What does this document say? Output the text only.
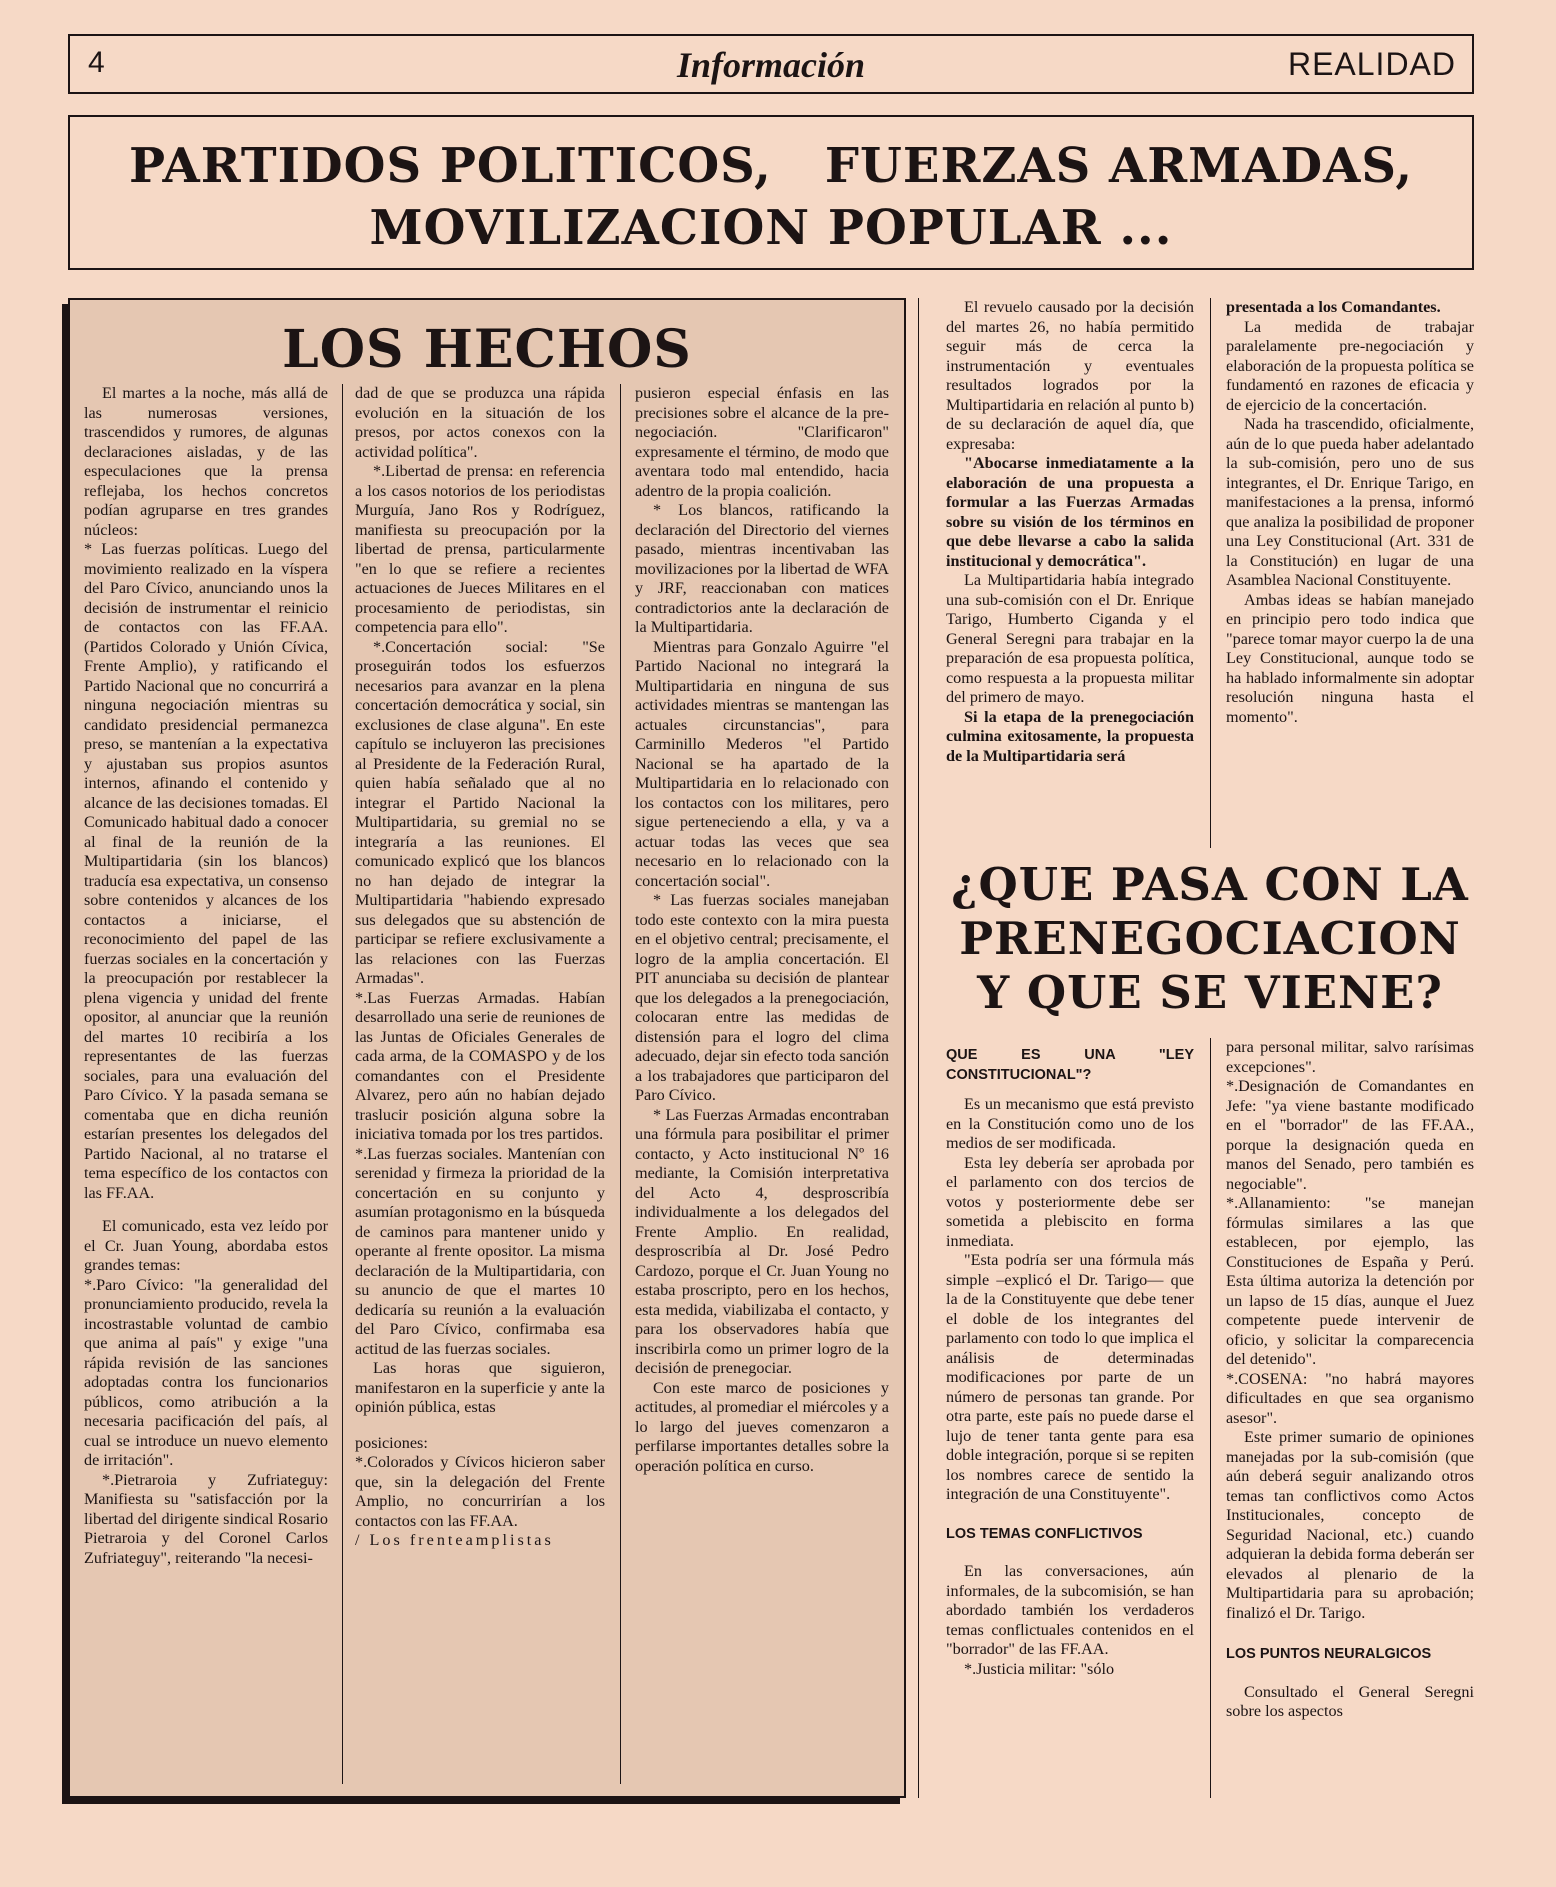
4	Información	REALIDAD
PARTIDOS POLITICOS,   FUERZAS ARMADAS,
MOVILIZACION POPULAR ...
LOS HECHOS

El martes a la noche, más allá de las numerosas versiones, trascendidos y rumores, de algunas declaraciones aisladas, y de las especulaciones que la prensa reflejaba, los hechos concretos podían agruparse en tres grandes núcleos:

* Las fuerzas políticas. Luego del movimiento realizado en la víspera del Paro Cívico, anunciando unos la decisión de instrumentar el reinicio de contactos con las FF.AA. (Partidos Colorado y Unión Cívica, Frente Amplio), y ratificando el Partido Nacional que no concurrirá a ninguna negociación mientras su candidato presidencial permanezca preso, se mantenían a la expectativa y ajustaban sus propios asuntos internos, afinando el contenido y alcance de las decisiones tomadas. El Comunicado habitual dado a conocer al final de la reunión de la Multipartidaria (sin los blancos) traducía esa expectativa, un consenso sobre contenidos y alcances de los contactos a iniciarse, el reconocimiento del papel de las fuerzas sociales en la concertación y la preocupación por restablecer la plena vigencia y unidad del frente opositor, al anunciar que la reunión del martes 10 recibiría a los representantes de las fuerzas sociales, para una evaluación del Paro Cívico. Y la pasada semana se comentaba que en dicha reunión estarían presentes los delegados del Partido Nacional, al no tratarse el tema específico de los contactos con las FF.AA.

El comunicado, esta vez leído por el Cr. Juan Young, abordaba estos grandes temas:

*.Paro Cívico: "la generalidad del pronunciamiento producido, revela la incostrastable voluntad de cambio que anima al país" y exige "una rápida revisión de las sanciones adoptadas contra los funcionarios públicos, como atribución a la necesaria pacificación del país, al cual se introduce un nuevo elemento de irritación".

*.Pietraroia y Zufriateguy: Manifiesta su "satisfacción por la libertad del dirigente sindical Rosario Pietraroia y del Coronel Carlos Zufriateguy", reiterando "la necesi-

dad de que se produzca una rápida evolución en la situación de los presos, por actos conexos con la actividad política".

*.Libertad de prensa: en referencia a los casos notorios de los periodistas Murguía, Jano Ros y Rodríguez, manifiesta su preocupación por la libertad de prensa, particularmente "en lo que se refiere a recientes actuaciones de Jueces Militares en el procesamiento de periodistas, sin competencia para ello".

*.Concertación social: "Se proseguirán todos los esfuerzos necesarios para avanzar en la plena concertación democrática y social, sin exclusiones de clase alguna". En este capítulo se incluyeron las precisiones al Presidente de la Federación Rural, quien había señalado que al no integrar el Partido Nacional la Multipartidaria, su gremial no se integraría a las reuniones. El comunicado explicó que los blancos no han dejado de integrar la Multipartidaria "habiendo expresado sus delegados que su abstención de participar se refiere exclusivamente a las relaciones con las Fuerzas Armadas".

*.Las Fuerzas Armadas. Habían desarrollado una serie de reuniones de las Juntas de Oficiales Generales de cada arma, de la COMASPO y de los comandantes con el Presidente Alvarez, pero aún no habían dejado traslucir posición alguna sobre la iniciativa tomada por los tres partidos.

*.Las fuerzas sociales. Mantenían con serenidad y firmeza la prioridad de la concertación en su conjunto y asumían protagonismo en la búsqueda de caminos para mantener unido y operante al frente opositor. La misma declaración de la Multipartidaria, con su anuncio de que el martes 10 dedicaría su reunión a la evaluación del Paro Cívico, confirmaba esa actitud de las fuerzas sociales.

Las horas que siguieron, manifestaron en la superficie y ante la opinión pública, estas

posiciones:

*.Colorados y Cívicos hicieron saber que, sin la delegación del Frente Amplio, no concurrirían a los contactos con las FF.AA.

/ Los frenteamplistas

pusieron especial énfasis en las precisiones sobre el alcance de la pre-negociación. "Clarificaron" expresamente el término, de modo que aventara todo mal entendido, hacia adentro de la propia coalición.

* Los blancos, ratificando la declaración del Directorio del viernes pasado, mientras incentivaban las movilizaciones por la libertad de WFA y JRF, reaccionaban con matices contradictorios ante la declaración de la Multipartidaria.

Mientras para Gonzalo Aguirre "el Partido Nacional no integrará la Multipartidaria en ninguna de sus actividades mientras se mantengan las actuales circunstancias", para Carminillo Mederos "el Partido Nacional se ha apartado de la Multipartidaria en lo relacionado con los contactos con los militares, pero sigue perteneciendo a ella, y va a actuar todas las veces que sea necesario en lo relacionado con la concertación social".

* Las fuerzas sociales manejaban todo este contexto con la mira puesta en el objetivo central; precisamente, el logro de la amplia concertación. El PIT anunciaba su decisión de plantear que los delegados a la prenegociación, colocaran entre las medidas de distensión para el logro del clima adecuado, dejar sin efecto toda sanción a los trabajadores que participaron del Paro Cívico.

* Las Fuerzas Armadas encontraban una fórmula para posibilitar el primer contacto, y Acto institucional Nº 16 mediante, la Comisión interpretativa del Acto 4, desproscribía individualmente a los delegados del Frente Amplio. En realidad, desproscribía al Dr. José Pedro Cardozo, porque el Cr. Juan Young no estaba proscripto, pero en los hechos, esta medida, viabilizaba el contacto, y para los observadores había que inscribirla como un primer logro de la decisión de prenegociar.

Con este marco de posiciones y actitudes, al promediar el miércoles y a lo largo del jueves comenzaron a perfilarse importantes detalles sobre la operación política en curso.

El revuelo causado por la decisión del martes 26, no había permitido seguir más de cerca la instrumentación y eventuales resultados logrados por la Multipartidaria en relación al punto b) de su declaración de aquel día, que expresaba:

"Abocarse inmediatamente a la elaboración de una propuesta a formular a las Fuerzas Armadas sobre su visión de los términos en que debe llevarse a cabo la salida institucional y democrática".

La Multipartidaria había integrado una sub-comisión con el Dr. Enrique Tarigo, Humberto Ciganda y el General Seregni para trabajar en la preparación de esa propuesta política, como respuesta a la propuesta militar del primero de mayo.

Si la etapa de la prenegociación culmina exitosamente, la propuesta de la Multipartidaria será

presentada a los Comandantes.

La medida de trabajar paralelamente pre-negociación y elaboración de la propuesta política se fundamentó en razones de eficacia y de ejercicio de la concertación.

Nada ha trascendido, oficialmente, aún de lo que pueda haber adelantado la sub-comisión, pero uno de sus integrantes, el Dr. Enrique Tarigo, en manifestaciones a la prensa, informó que analiza la posibilidad de proponer una Ley Constitucional (Art. 331 de la Constitución) en lugar de una Asamblea Nacional Constituyente.

Ambas ideas se habían manejado en principio pero todo indica que "parece tomar mayor cuerpo la de una Ley Constitucional, aunque todo se ha hablado informalmente sin adoptar resolución ninguna hasta el momento".

¿QUE PASA CON LA
PRENEGOCIACION
Y QUE SE VIENE?

QUE ES UNA "LEY CONSTITUCIONAL"?

Es un mecanismo que está previsto en la Constitución como uno de los medios de ser modificada.

Esta ley debería ser aprobada por el parlamento con dos tercios de votos y posteriormente debe ser sometida a plebiscito en forma inmediata.

"Esta podría ser una fórmula más simple –explicó el Dr. Tarigo— que la de la Constituyente que debe tener el doble de los integrantes del parlamento con todo lo que implica el análisis de determinadas modificaciones por parte de un número de personas tan grande. Por otra parte, este país no puede darse el lujo de tener tanta gente para esa doble integración, porque si se repiten los nombres carece de sentido la integración de una Constituyente".

LOS TEMAS CONFLICTIVOS

En las conversaciones, aún informales, de la subcomisión, se han abordado también los verdaderos temas conflictuales contenidos en el "borrador" de las FF.AA.

*.Justicia militar: "sólo

para personal militar, salvo rarísimas excepciones".

*.Designación de Comandantes en Jefe: "ya viene bastante modificado en el "borrador" de las FF.AA., porque la designación queda en manos del Senado, pero también es negociable".

*.Allanamiento: "se manejan fórmulas similares a las que establecen, por ejemplo, las Constituciones de España y Perú. Esta última autoriza la detención por un lapso de 15 días, aunque el Juez competente puede intervenir de oficio, y solicitar la comparecencia del detenido".

*.COSENA: "no habrá mayores dificultades en que sea organismo asesor".

Este primer sumario de opiniones manejadas por la sub-comisión (que aún deberá seguir analizando otros temas tan conflictivos como Actos Institucionales, concepto de Seguridad Nacional, etc.) cuando adquieran la debida forma deberán ser elevados al plenario de la Multipartidaria para su aprobación; finalizó el Dr. Tarigo.

LOS PUNTOS NEURALGICOS

Consultado el General Seregni sobre los aspectos
